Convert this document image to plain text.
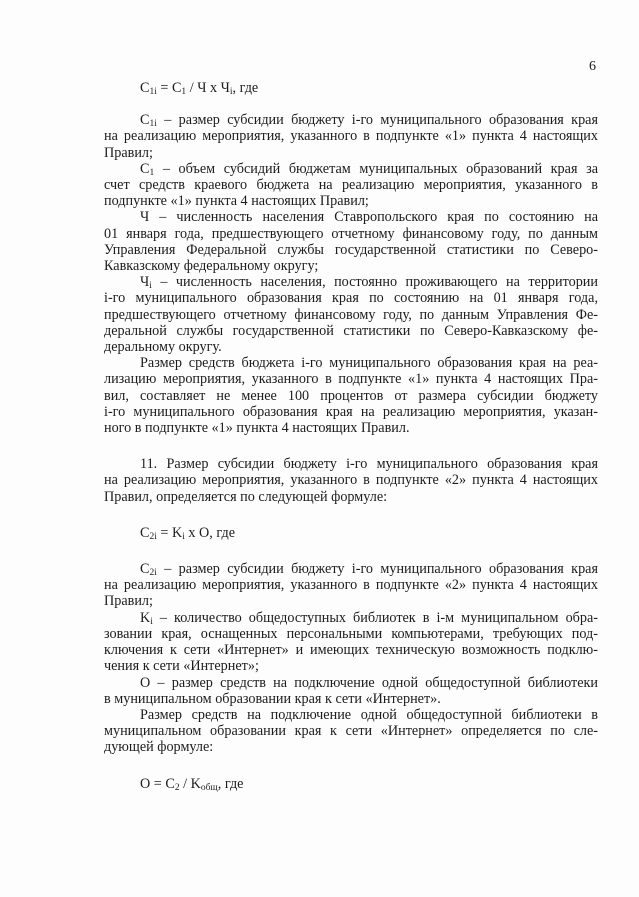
6

$С_{1i} = С_1 / Ч$ х $Ч_i$, где

$С_{1i}$ – размер субсидии бюджету i-го муниципального образования края
на реализацию мероприятия, указанного в подпункте «1» пункта 4 настоящих
Правил;
$С_1$ – объем субсидий бюджетам муниципальных образований края за
счет средств краевого бюджета на реализацию мероприятия, указанного в
подпункте «1» пункта 4 настоящих Правил;
Ч – численность населения Ставропольского края по состоянию на
01 января года, предшествующего отчетному финансовому году, по данным
Управления Федеральной службы государственной статистики по Северо-
Кавказскому федеральному округу;
$Ч_i$ – численность населения, постоянно проживающего на территории
i-го муниципального образования края по состоянию на 01 января года,
предшествующего отчетному финансовому году, по данным Управления Фе-
деральной службы государственной статистики по Северо-Кавказскому фе-
деральному округу.
Размер средств бюджета i-го муниципального образования края на реа-
лизацию мероприятия, указанного в подпункте «1» пункта 4 настоящих Пра-
вил, составляет не менее 100 процентов от размера субсидии бюджету
i-го муниципального образования края на реализацию мероприятия, указан-
ного в подпункте «1» пункта 4 настоящих Правил.
11. Размер субсидии бюджету i-го муниципального образования края
на реализацию мероприятия, указанного в подпункте «2» пункта 4 настоящих
Правил, определяется по следующей формуле:

$С_{2i} = K_i$ x O, где

$С_{2i}$ – размер субсидии бюджету i-го муниципального образования края
на реализацию мероприятия, указанного в подпункте «2» пункта 4 настоящих
Правил;
$K_i$ – количество общедоступных библиотек в i-м муниципальном обра-
зовании края, оснащенных персональными компьютерами, требующих под-
ключения к сети «Интернет» и имеющих техническую возможность подклю-
чения к сети «Интернет»;
О – размер средств на подключение одной общедоступной библиотеки
в муниципальном образовании края к сети «Интернет».
Размер средств на подключение одной общедоступной библиотеки в
муниципальном образовании края к сети «Интернет» определяется по сле-
дующей формуле:

$О = С_2 / K_{общ}$, где
